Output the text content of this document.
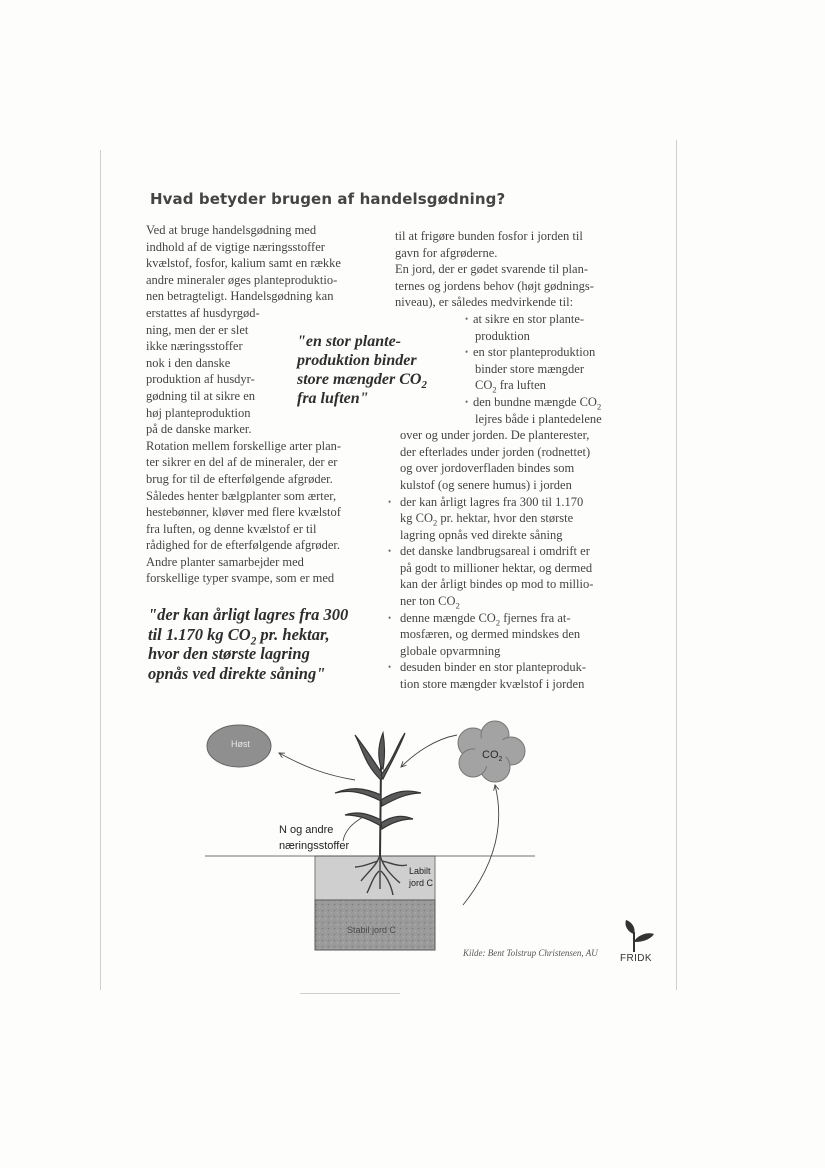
Hvad betyder brugen af handelsgødning?

Ved at bruge handelsgødning med

indhold af de vigtige næringsstoffer

kvælstof, fosfor, kalium samt en række

andre mineraler øges planteproduktio-

nen betragteligt. Handelsgødning kan

erstattes af husdyrgød-

ning, men der er slet

ikke næringsstoffer

nok i den danske

produktion af husdyr-

gødning til at sikre en

høj planteproduktion

på de danske marker.

Rotation mellem forskellige arter plan-

ter sikrer en del af de mineraler, der er

brug for til de efterfølgende afgrøder.

Således henter bælgplanter som ærter,

hestebønner, kløver med flere kvælstof

fra luften, og denne kvælstof er til

rådighed for de efterfølgende afgrøder.

Andre planter samarbejder med

forskellige typer svampe, som er med

"en stor plante-

produktion binder

store mængder $CO_2$

fra luften"

"der kan årligt lagres fra 300

til 1.170 kg $CO_2$ pr. hektar,

hvor den største lagring

opnås ved direkte såning"

til at frigøre bunden fosfor i jorden til

gavn for afgrøderne.

En jord, der er gødet svarende til plan-

ternes og jordens behov (højt gødnings-

niveau), er således medvirkende til:

• at sikre en stor plante-

produktion

• en stor planteproduktion

binder store mængder

$CO_2$ fra luften

• den bundne mængde $CO_2$

lejres både i plantedelene

over og under jorden. De planterester,

der efterlades under jorden (rodnettet)

og over jordoverfladen bindes som

kulstof (og senere humus) i jorden

• der kan årligt lagres fra 300 til 1.170

kg $CO_2$ pr. hektar, hvor den største

lagring opnås ved direkte såning

• det danske landbrugsareal i omdrift er

på godt to millioner hektar, og dermed

kan der årligt bindes op mod to millio-

ner ton $CO_2$

• denne mængde $CO_2$ fjernes fra at-

mosfæren, og dermed mindskes den

globale opvarmning

• desuden binder en stor planteproduk-

tion store mængder kvælstof i jorden

Høst
$CO_2$
N og andre
næringsstoffer
Labilt
jord C
Stabil jord C
Kilde: Bent Tolstrup Christensen, AU FRIDK
